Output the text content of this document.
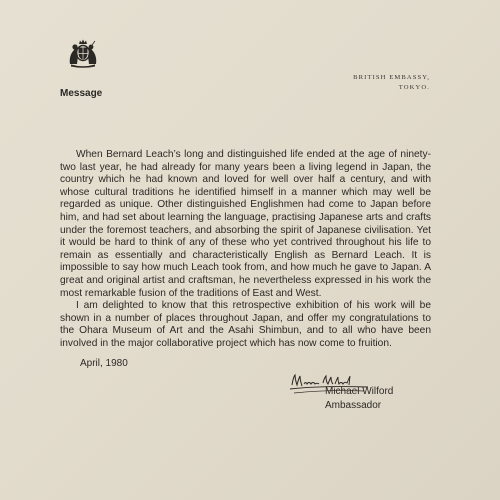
BRITISH EMBASSY,
TOKYO.
Message

When Bernard Leach’s long and distinguished life ended at the age of ninety-two last year, he had already for many years been a living legend in Japan, the country which he had known and loved for well over half a century, and with whose cultural traditions he identified himself in a manner which may well be regarded as unique. Other distinguished Englishmen had come to Japan before him, and had set about learning the language, practising Japanese arts and crafts under the foremost teachers, and absorbing the spirit of Japanese civilisation. Yet it would be hard to think of any of these who yet contrived throughout his life to remain as essentially and characteristically English as Bernard Leach. It is impossible to say how much Leach took from, and how much he gave to Japan. A great and original artist and craftsman, he nevertheless expressed in his work the most remarkable fusion of the traditions of East and West.

I am delighted to know that this retrospective exhibition of his work will be shown in a number of places throughout Japan, and offer my congratulations to the Ohara Museum of Art and the Asahi Shimbun, and to all who have been involved in the major collaborative project which has now come to fruition.

April, 1980
Michael Wilford
Ambassador
